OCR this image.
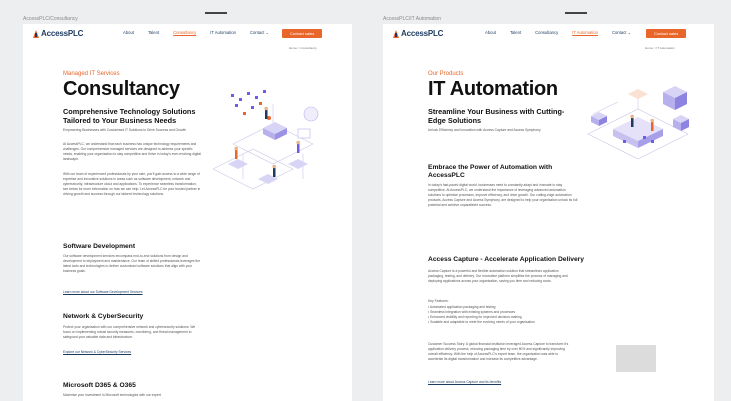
AccessPLC/Consultancy	AccessPLC/IT Automation
AccessPLC	About	Talent	Consultancy	IT Automation	Contact ⌄	Contact sales
Home > Consultancy
Managed IT Services
Consultancy
Comprehensive Technology Solutions Tailored to Your Business Needs
Empowering Businesses with Customised IT Solutions to Drive Success and Growth
At AccessPLC, we understand that each business has unique technology requirements and challenges. Our comprehensive managed services are designed to address your specific needs, enabling your organisation to stay competitive and thrive in today's ever-evolving digital landscape.
With our team of experienced professionals by your side, you'll gain access to a wide range of expertise and innovative solutions in areas such as software development, network and cybersecurity, infrastructure cloud and applications. To experience seamless transformation, see below for more information on how we can help. Let AccessPLC be your trusted partner in driving growth and success through our tailored technology solutions.
Software Development
Our software development services encompass end-to-end solutions from design and development to deployment and maintenance. Our team of skilled professionals leverages the latest tools and technologies to deliver customised software solutions that align with your business goals.
Learn more about our Software Development Services
Network & CyberSecurity
Protect your organisation with our comprehensive network and cybersecurity solutions. We focus on implementing robust security measures, monitoring, and threat management to safeguard your valuable data and infrastructure.
Explore our Network & CyberSecurity Services
Microsoft D365 & O365
Maximise your investment in Microsoft technologies with our expert
AccessPLC	About	Talent	Consultancy	IT Automation	Contact ⌄	Contact sales
Home > IT Automation
Our Products
IT Automation
Streamline Your Business with Cutting-Edge Solutions
Unlock Efficiency and Innovation with Access Capture and Access Symphony
Embrace the Power of Automation with AccessPLC
In today's fast-paced digital world, businesses need to constantly adapt and innovate to stay competitive. At AccessPLC, we understand the importance of leveraging advanced automation solutions to optimise processes, improve efficiency, and drive growth. Our cutting-edge automation products, Access Capture and Access Symphony, are designed to help your organisation unlock its full potential and achieve unparalleled success.
Access Capture - Accelerate Application Delivery
Access Capture is a powerful and flexible automation solution that streamlines application packaging, testing, and delivery. Our innovative platform simplifies the process of managing and deploying applications across your organisation, saving you time and reducing costs.
Key Features:
• Automated application packaging and testing
• Seamless integration with existing systems and processes
• Enhanced visibility and reporting for improved decision-making
• Scalable and adaptable to meet the evolving needs of your organisation
Customer Success Story: A global financial institution leveraged Access Capture to transform it's application delivery process, reducing packaging time by over 50% and significantly improving overall efficiency. With the help of AccessPLC's expert team, the organisation was able to accelerate its digital transformation and increase its competitive advantage.
Learn more about Access Capture and its benefits
